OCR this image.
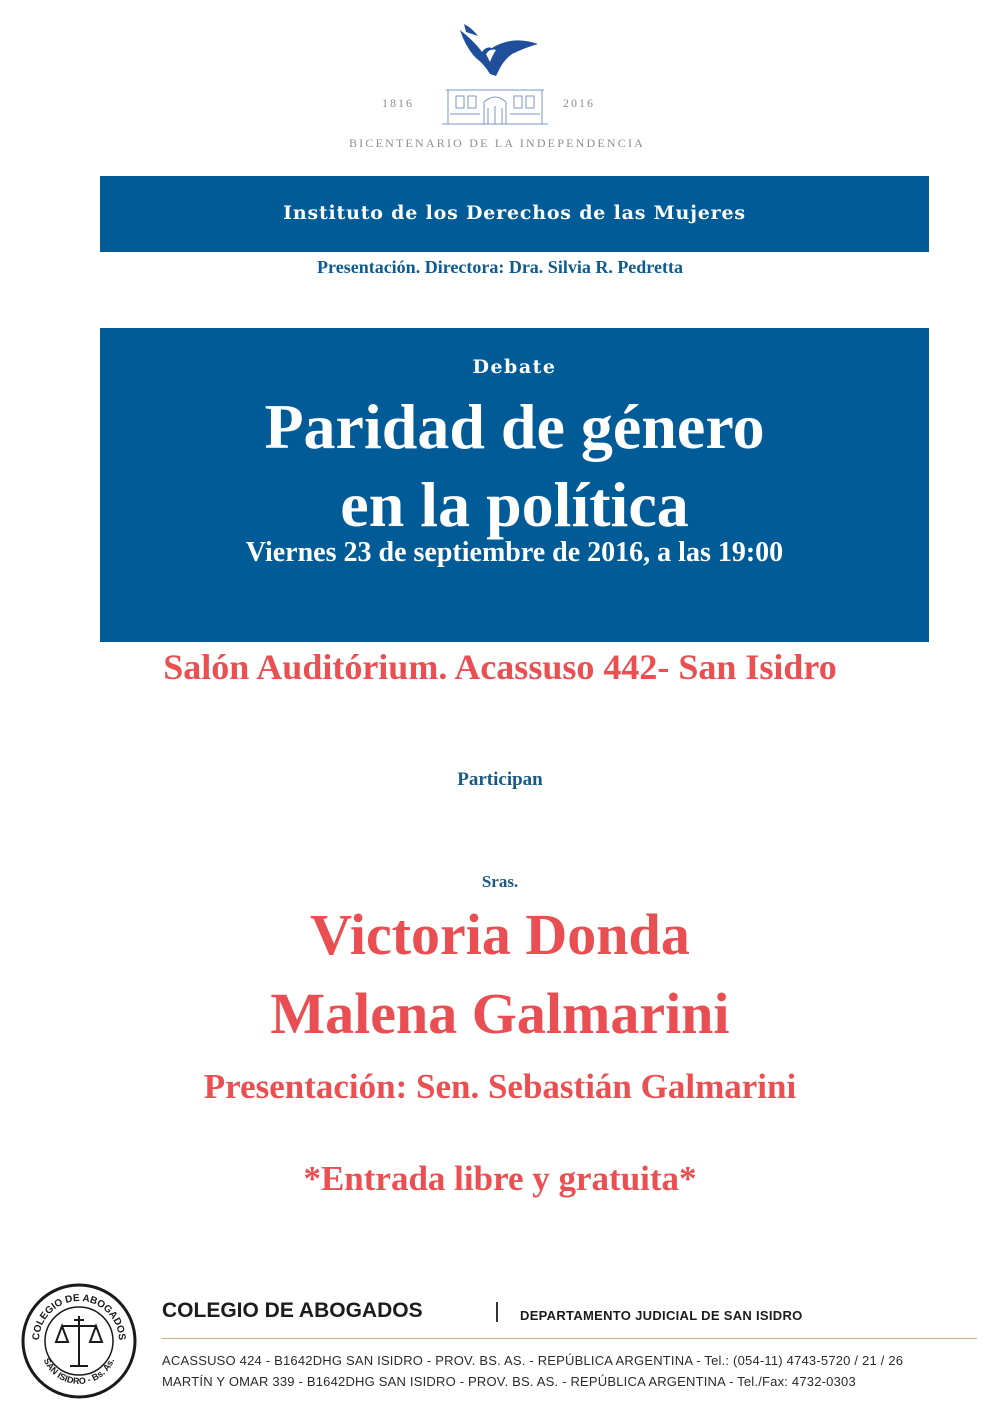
1816	2016
BICENTENARIO DE LA INDEPENDENCIA
Instituto de los Derechos de las Mujeres
Presentación. Directora: Dra. Silvia R. Pedretta
Debate
Paridad de género
en la política
Viernes 23 de septiembre de 2016, a las 19:00
Salón Auditórium. Acassuso 442- San Isidro
Participan
Sras.
Victoria Donda
Malena Galmarini
Presentación: Sen. Sebastián Galmarini
*Entrada libre y gratuita*
COLEGIO DE ABOGADOS
SAN ISIDRO - Bs. As.
COLEGIO DE ABOGADOS	DEPARTAMENTO JUDICIAL DE SAN ISIDRO
ACASSUSO 424 - B1642DHG SAN ISIDRO - PROV. BS. AS. - REPÚBLICA ARGENTINA - Tel.: (054-11) 4743-5720 / 21 / 26
MARTÍN Y OMAR 339 - B1642DHG SAN ISIDRO - PROV. BS. AS. - REPÚBLICA ARGENTINA - Tel./Fax: 4732-0303
